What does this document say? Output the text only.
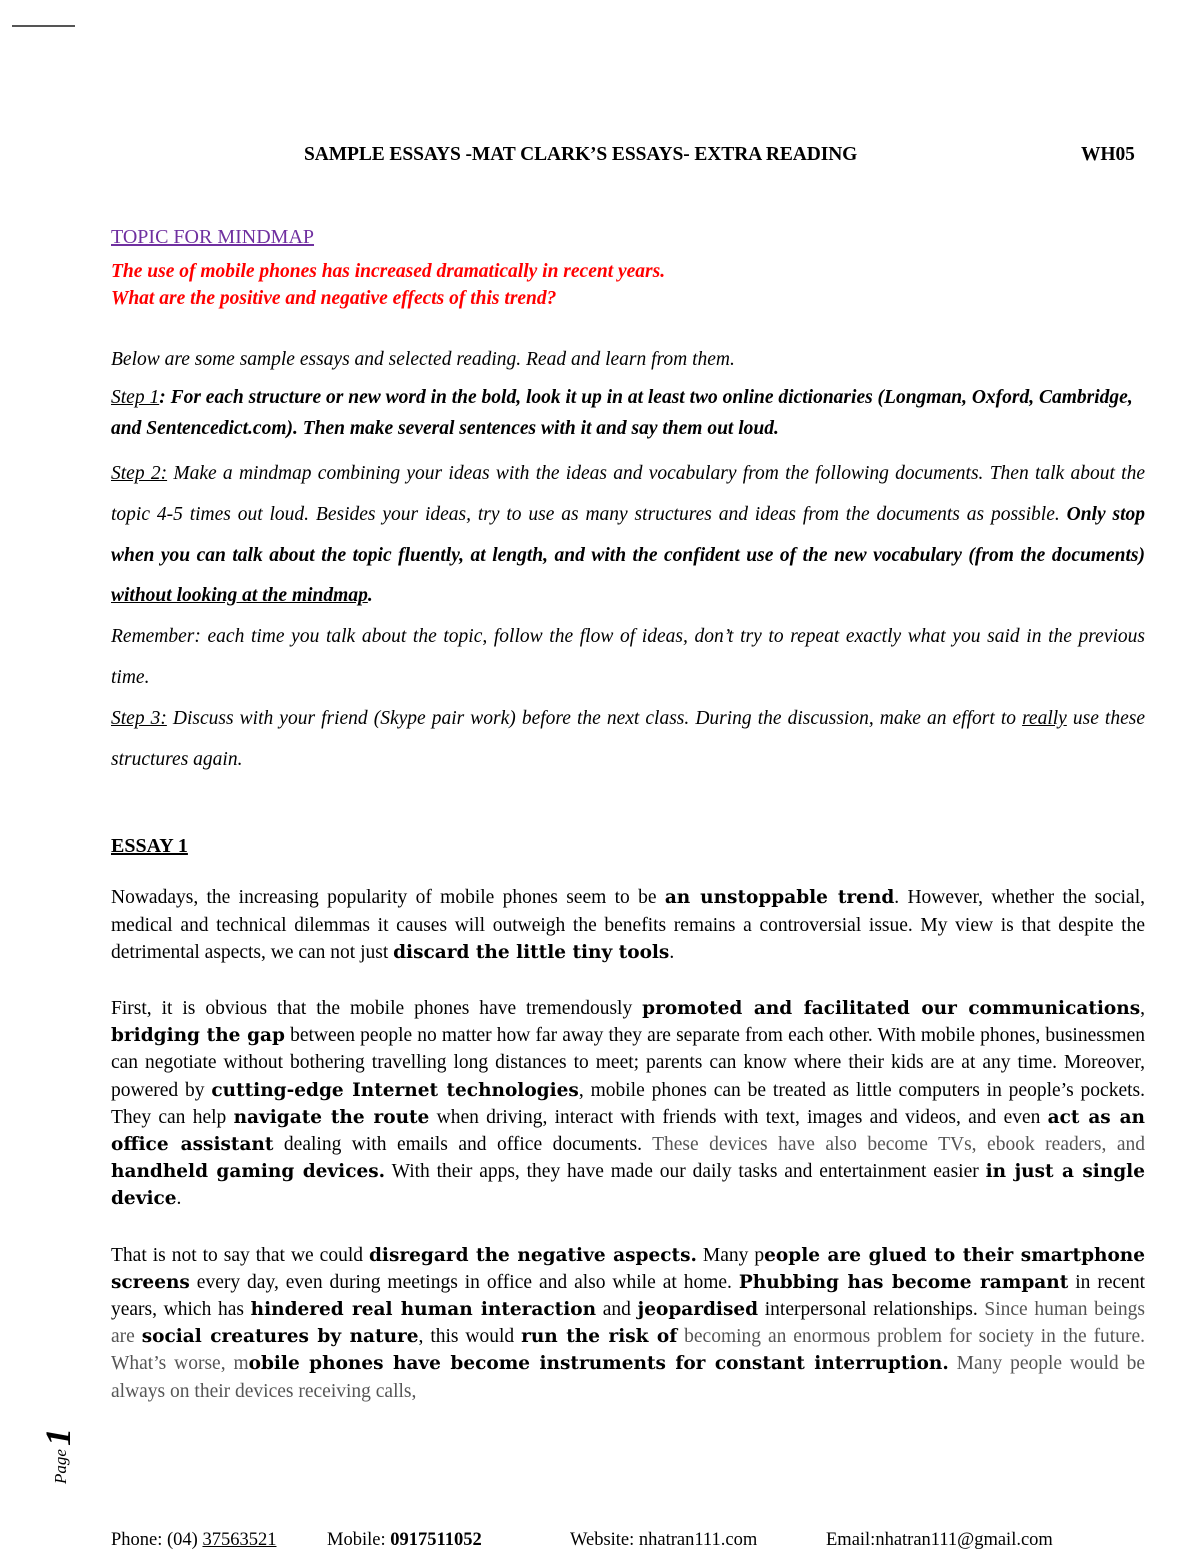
SAMPLE ESSAYS -MAT CLARK’S ESSAYS- EXTRA READING	WH05

TOPIC FOR MINDMAP

The use of mobile phones has increased dramatically in recent years.

What are the positive and negative effects of this trend?

Below are some sample essays and selected reading. Read and learn from them.

Step 1: For each structure or new word in the bold, look it up in at least two online dictionaries (Longman, Oxford, Cambridge, and Sentencedict.com). Then make several sentences with it and say them out loud.

Step 2: Make a mindmap combining your ideas with the ideas and vocabulary from the following documents. Then talk about the topic 4-5 times out loud. Besides your ideas, try to use as many structures and ideas from the documents as possible. Only stop when you can talk about the topic fluently, at length, and with the confident use of the new vocabulary (from the documents) without looking at the mindmap.
Remember: each time you talk about the topic, follow the flow of ideas, don’t try to repeat exactly what you said in the previous time.
Step 3: Discuss with your friend (Skype pair work) before the next class. During the discussion, make an effort to really use these structures again.

ESSAY 1

Nowadays, the increasing popularity of mobile phones seem to be an unstoppable trend. However, whether the social, medical and technical dilemmas it causes will outweigh the benefits remains a controversial issue. My view is that despite the detrimental aspects, we can not just discard the little tiny tools.

First, it is obvious that the mobile phones have tremendously promoted and facilitated our communications, bridging the gap between people no matter how far away they are separate from each other. With mobile phones, businessmen can negotiate without bothering travelling long distances to meet; parents can know where their kids are at any time. Moreover, powered by cutting-edge Internet technologies, mobile phones can be treated as little computers in people’s pockets. They can help navigate the route when driving, interact with friends with text, images and videos, and even act as an office assistant dealing with emails and office documents. These devices have also become TVs, ebook readers, and handheld gaming devices. With their apps, they have made our daily tasks and entertainment easier in just a single device.

That is not to say that we could disregard the negative aspects. Many people are glued to their smartphone screens every day, even during meetings in office and also while at home. Phubbing has become rampant in recent years, which has hindered real human interaction and jeopardised interpersonal relationships. Since human beings are social creatures by nature, this would run the risk of becoming an enormous problem for society in the future. What’s worse, mobile phones have become instruments for constant interruption. Many people would be always on their devices receiving calls,

Page
1
Phone: (04) 37563521	Mobile: 0917511052	Website: nhatran111.com	Email:nhatran111@gmail.com
